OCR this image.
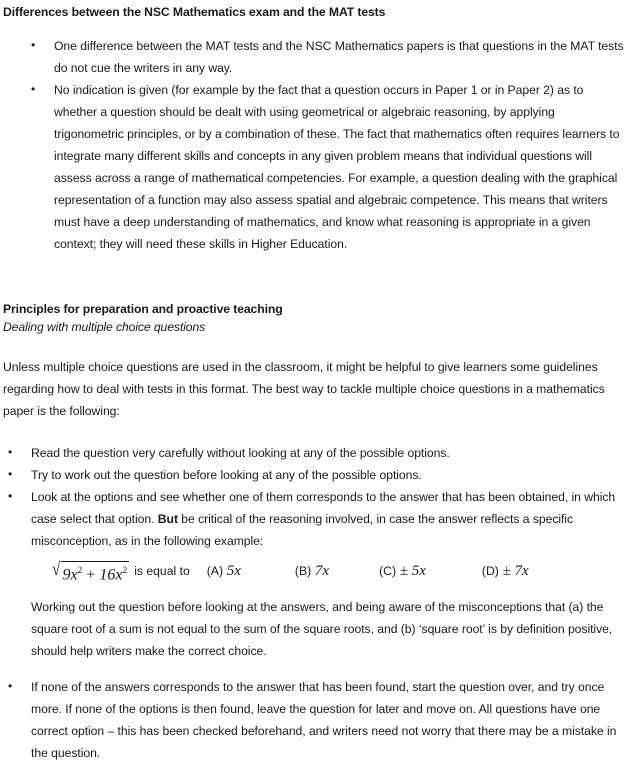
Differences between the NSC Mathematics exam and the MAT tests
• One difference between the MAT tests and the NSC Mathematics papers is that questions in the MAT tests do not cue the writers in any way.
• No indication is given (for example by the fact that a question occurs in Paper 1 or in Paper 2) as to whether a question should be dealt with using geometrical or algebraic reasoning, by applying trigonometric principles, or by a combination of these. The fact that mathematics often requires learners to integrate many different skills and concepts in any given problem means that individual questions will assess across a range of mathematical competencies. For example, a question dealing with the graphical representation of a function may also assess spatial and algebraic competence. This means that writers must have a deep understanding of mathematics, and know what reasoning is appropriate in a given context; they will need these skills in Higher Education.
Principles for preparation and proactive teaching
Dealing with multiple choice questions

Unless multiple choice questions are used in the classroom, it might be helpful to give learners some guidelines regarding how to deal with tests in this format. The best way to tackle multiple choice questions in a mathematics paper is the following:

• Read the question very carefully without looking at any of the possible options.
• Try to work out the question before looking at any of the possible options.
• Look at the options and see whether one of them corresponds to the answer that has been obtained, in which case select that option. But be critical of the reasoning involved, in case the answer reflects a specific misconception, as in the following example:
√ $9x^2 + 16x^2$ is equal to (A) 5x	(B) 7x	(C) ± 5x	(D) ± 7x

Working out the question before looking at the answers, and being aware of the misconceptions that (a) the square root of a sum is not equal to the sum of the square roots, and (b) ‘square root’ is by definition positive, should help writers make the correct choice.

• If none of the answers corresponds to the answer that has been found, start the question over, and try once more. If none of the options is then found, leave the question for later and move on. All questions have one correct option – this has been checked beforehand, and writers need not worry that there may be a mistake in the question.
